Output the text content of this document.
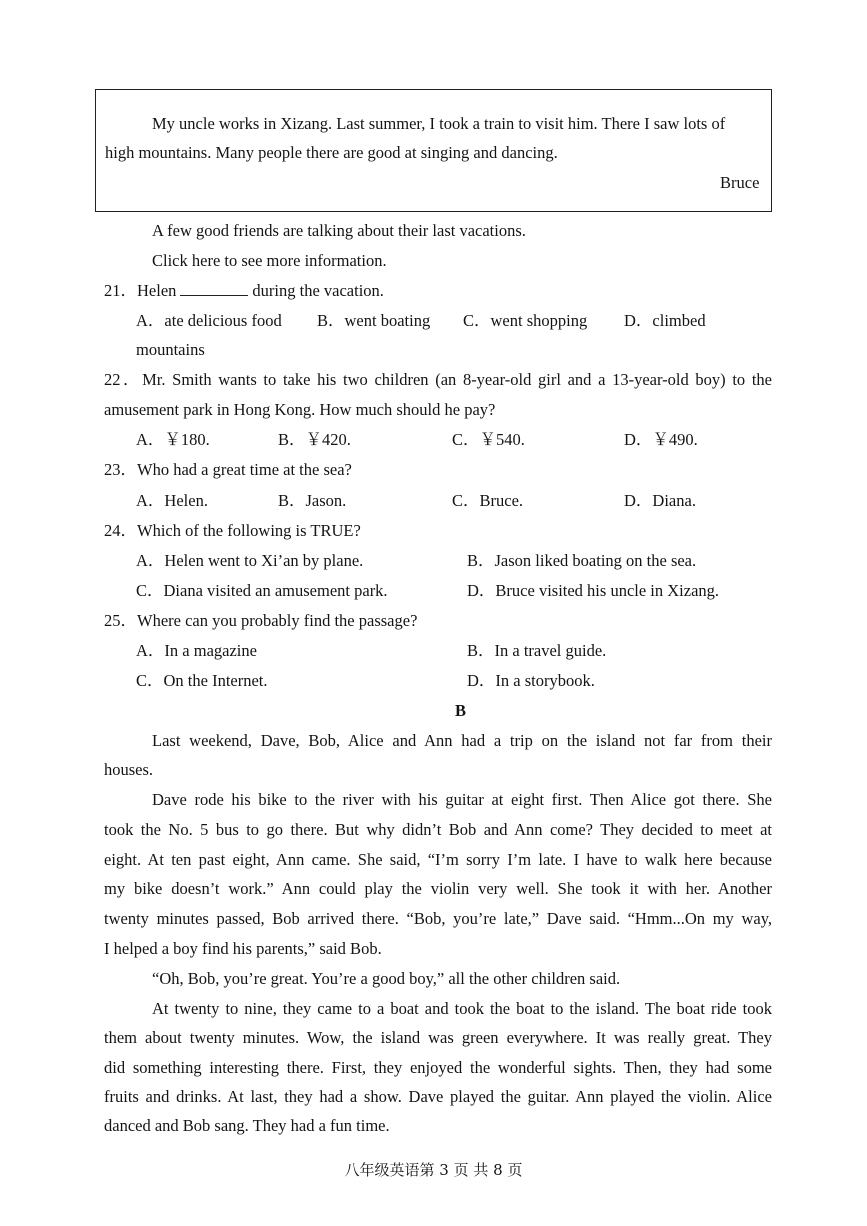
My uncle works in Xizang. Last summer, I took a train to visit him. There I saw lots of
high mountains. Many people there are good at singing and dancing.
Bruce
A few good friends are talking about their last vacations.
Click here to see more information.
21．Helen	during the vacation.
A．ate delicious food B．went boating C．went shopping D．climbed
mountains
22．Mr. Smith wants to take his two children (an 8-year-old girl and a 13-year-old boy) to the
amusement park in Hong Kong. How much should he pay?
A．￥180.	B．￥420.	C．￥540.	D．￥490.
23．Who had a great time at the sea?
A．Helen.	B．Jason.	C．Bruce.	D．Diana.
24．Which of the following is TRUE?
A．Helen went to Xi’an by plane.	B．Jason liked boating on the sea.
C．Diana visited an amusement park.	D．Bruce visited his uncle in Xizang.
25．Where can you probably find the passage?
A．In a magazine	B．In a travel guide.
C．On the Internet.	D．In a storybook.
B
Last weekend, Dave, Bob, Alice and Ann had a trip on the island not far from their
houses.
Dave rode his bike to the river with his guitar at eight first. Then Alice got there. She
took the No. 5 bus to go there. But why didn’t Bob and Ann come? They decided to meet at
eight. At ten past eight, Ann came. She said, “I’m sorry I’m late. I have to walk here because
my bike doesn’t work.” Ann could play the violin very well. She took it with her. Another
twenty minutes passed, Bob arrived there. “Bob, you’re late,” Dave said. “Hmm...On my way,
I helped a boy find his parents,” said Bob.
“Oh, Bob, you’re great. You’re a good boy,” all the other children said.
At twenty to nine, they came to a boat and took the boat to the island. The boat ride took
them about twenty minutes. Wow, the island was green everywhere. It was really great. They
did something interesting there. First, they enjoyed the wonderful sights. Then, they had some
fruits and drinks. At last, they had a show. Dave played the guitar. Ann played the violin. Alice
danced and Bob sang. They had a fun time.
八年级英语第 3 页 共 8 页
